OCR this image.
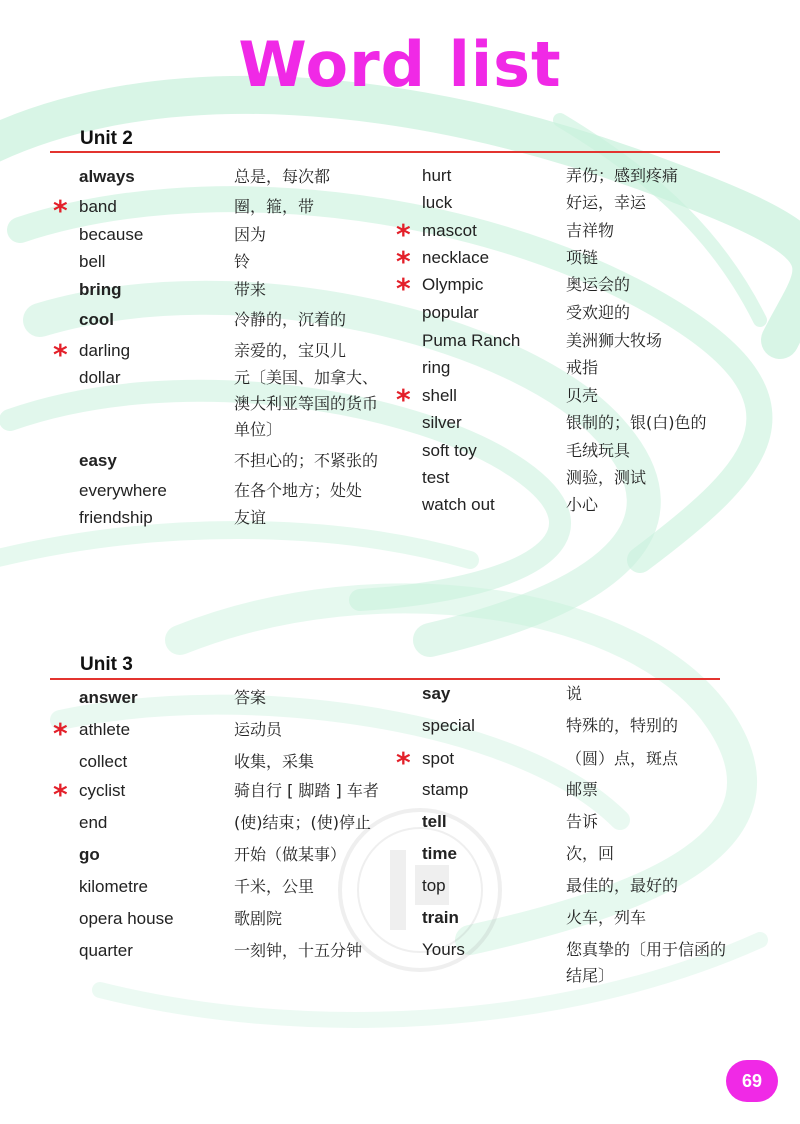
Word list
Unit 2
Unit 3
always	总是，每次都
* band	圈，箍，带
because	因为
bell	铃
bring	带来
cool	冷静的，沉着的
* darling	亲爱的，宝贝儿
dollar	元〔美国、加拿大、澳大利亚等国的货币单位〕
easy	不担心的；不紧张的
everywhere	在各个地方；处处
friendship	友谊
hurt	弄伤；感到疼痛
luck	好运，幸运
* mascot	吉祥物
* necklace	项链
* Olympic	奥运会的
popular	受欢迎的
Puma Ranch	美洲狮大牧场
ring	戒指
* shell	贝壳
silver	银制的；银(白)色的
soft toy	毛绒玩具
test	测验，测试
watch out	小心
answer	答案
* athlete	运动员
collect	收集，采集
* cyclist	骑自行 [ 脚踏 ] 车者
end	(使)结束；(使)停止
go	开始（做某事）
kilometre	千米，公里
opera house	歌剧院
quarter	一刻钟，十五分钟
say	说
special	特殊的，特别的
* spot	（圆）点，斑点
stamp	邮票
tell	告诉
time	次，回
top	最佳的，最好的
train	火车，列车
Yours	您真挚的〔用于信函的结尾〕
69
